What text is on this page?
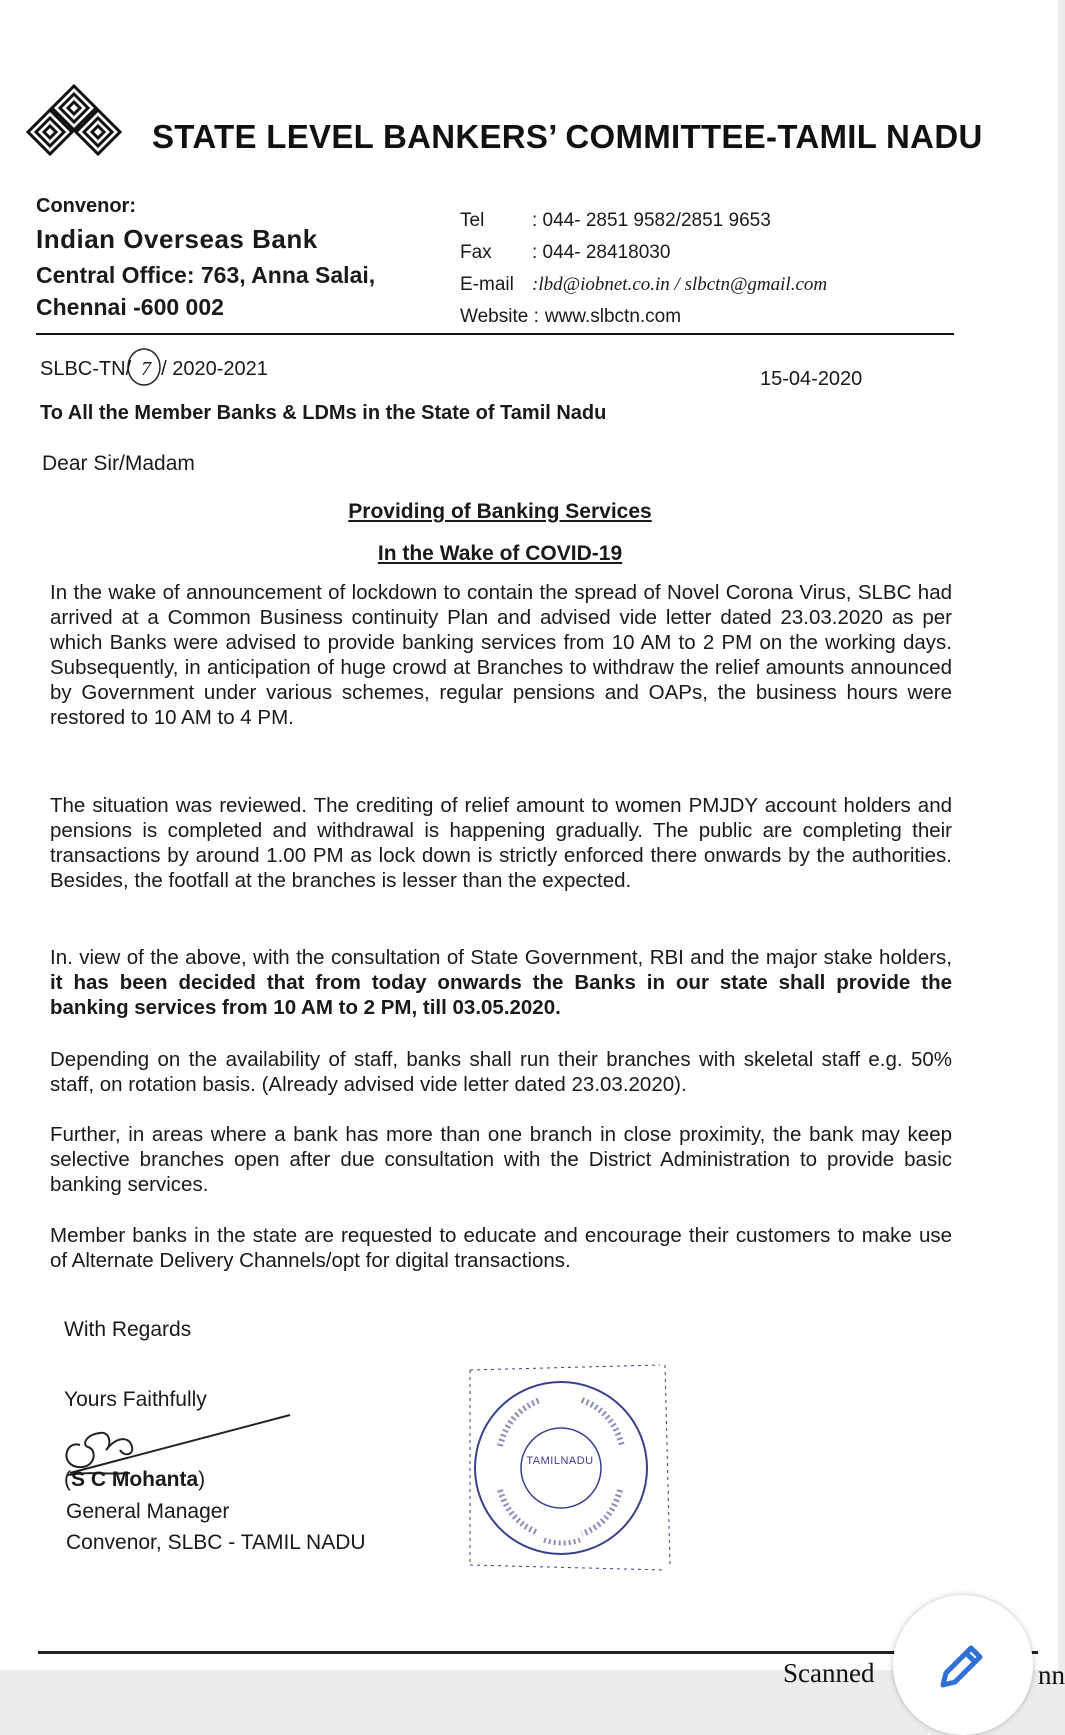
STATE LEVEL BANKERS’ COMMITTEE-TAMIL NADU
Convenor:
Indian Overseas Bank
Central Office: 763, Anna Salai,
Chennai -600 002
Tel	: 044- 2851 9582/2851 9653
Fax	: 044- 28418030
E-mail :lbd@iobnet.co.in / slbctn@gmail.com
Website : www.slbctn.com
SLBC-TN/ 7 / 2020-2021	15-04-2020
To All the Member Banks & LDMs in the State of Tamil Nadu
Dear Sir/Madam
Providing of Banking Services
In the Wake of COVID-19
In the wake of announcement of lockdown to contain the spread of Novel Corona Virus, SLBC had arrived at a Common Business continuity Plan and advised vide letter dated 23.03.2020 as per which Banks were advised to provide banking services from 10 AM to 2 PM on the working days. Subsequently, in anticipation of huge crowd at Branches to withdraw the relief amounts announced by Government under various schemes, regular pensions and OAPs, the business hours were restored to 10 AM to 4 PM.
The situation was reviewed. The crediting of relief amount to women PMJDY account holders and pensions is completed and withdrawal is happening gradually. The public are completing their transactions by around 1.00 PM as lock down is strictly enforced there onwards by the authorities. Besides, the footfall at the branches is lesser than the expected.
In. view of the above, with the consultation of State Government, RBI and the major stake holders, it has been decided that from today onwards the Banks in our state shall provide the banking services from 10 AM to 2 PM, till 03.05.2020.
Depending on the availability of staff, banks shall run their branches with skeletal staff e.g. 50% staff, on rotation basis. (Already advised vide letter dated 23.03.2020).
Further, in areas where a bank has more than one branch in close proximity, the bank may keep selective branches open after due consultation with the District Administration to provide basic banking services.
Member banks in the state are requested to educate and encourage their customers to make use of Alternate Delivery Channels/opt for digital transactions.
With Regards
Yours Faithfully
(S C Mohanta)
General Manager
Convenor, SLBC - TAMIL NADU
TAMILNADU
Scanned	nn
